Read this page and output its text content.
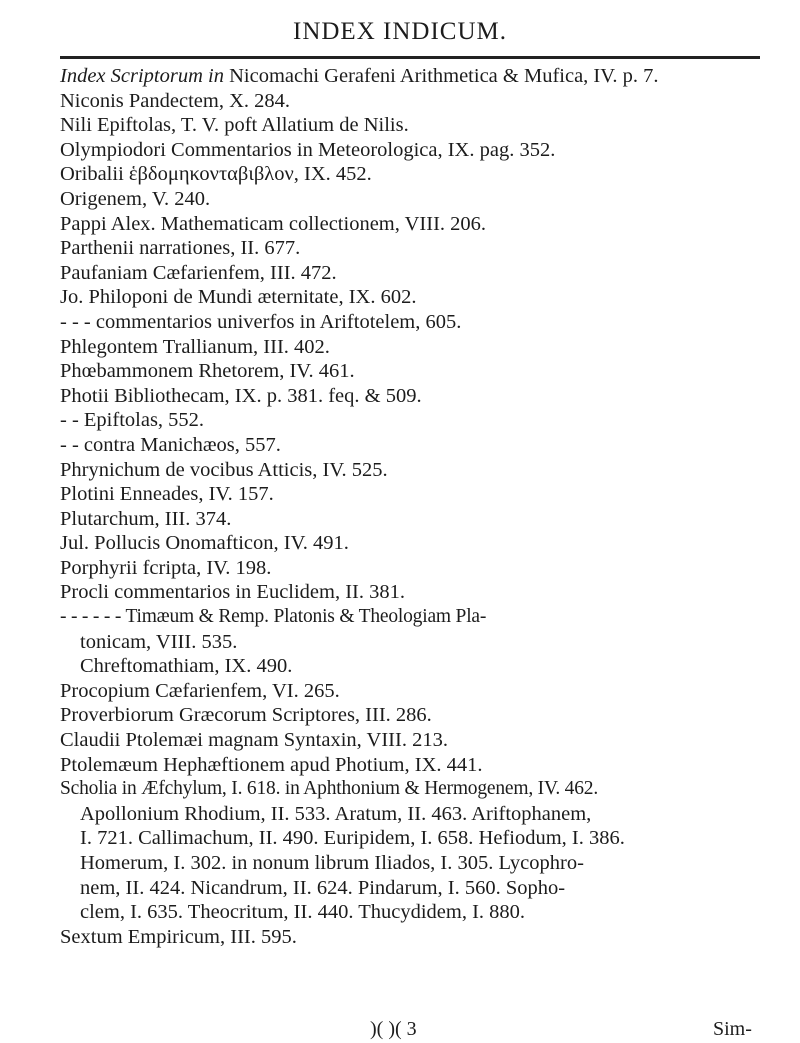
INDEX INDICUM.
Index Scriptorum in Nicomachi Gerafeni Arithmetica & Mufica, IV. p. 7.
Niconis Pandectem, X. 284.
Nili Epiftolas, T. V. poft Allatium de Nilis.
Olympiodori Commentarios in Meteorologica, IX. pag. 352.
Oribalii ἑβδομηκονταβιβλον, IX. 452.
Origenem, V. 240.
Pappi Alex. Mathematicam collectionem, VIII. 206.
Parthenii narrationes, II. 677.
Paufaniam Cæfarienfem, III. 472.
Jo. Philoponi de Mundi æternitate, IX. 602.
- - - commentarios univerfos in Ariftotelem, 605.
Phlegontem Trallianum, III. 402.
Phœbammonem Rhetorem, IV. 461.
Photii Bibliothecam, IX. p. 381. feq. & 509.
- - Epiftolas, 552.
- - contra Manichæos, 557.
Phrynichum de vocibus Atticis, IV. 525.
Plotini Enneades, IV. 157.
Plutarchum, III. 374.
Jul. Pollucis Onomafticon, IV. 491.
Porphyrii fcripta, IV. 198.
Procli commentarios in Euclidem, II. 381.
- - - - - - Timæum & Remp. Platonis & Theologiam Pla-
tonicam, VIII. 535.
Chreftomathiam, IX. 490.
Procopium Cæfarienfem, VI. 265.
Proverbiorum Græcorum Scriptores, III. 286.
Claudii Ptolemæi magnam Syntaxin, VIII. 213.
Ptolemæum Hephæftionem apud Photium, IX. 441.
Scholia in Æfchylum, I. 618. in Aphthonium & Hermogenem, IV. 462.
Apollonium Rhodium, II. 533. Aratum, II. 463. Ariftophanem,
I. 721. Callimachum, II. 490. Euripidem, I. 658. Hefiodum, I. 386.
Homerum, I. 302. in nonum librum Iliados, I. 305. Lycophro-
nem, II. 424. Nicandrum, II. 624. Pindarum, I. 560. Sopho-
clem, I. 635. Theocritum, II. 440. Thucydidem, I. 880.
Sextum Empiricum, III. 595.
)( )( 3	Sim-
